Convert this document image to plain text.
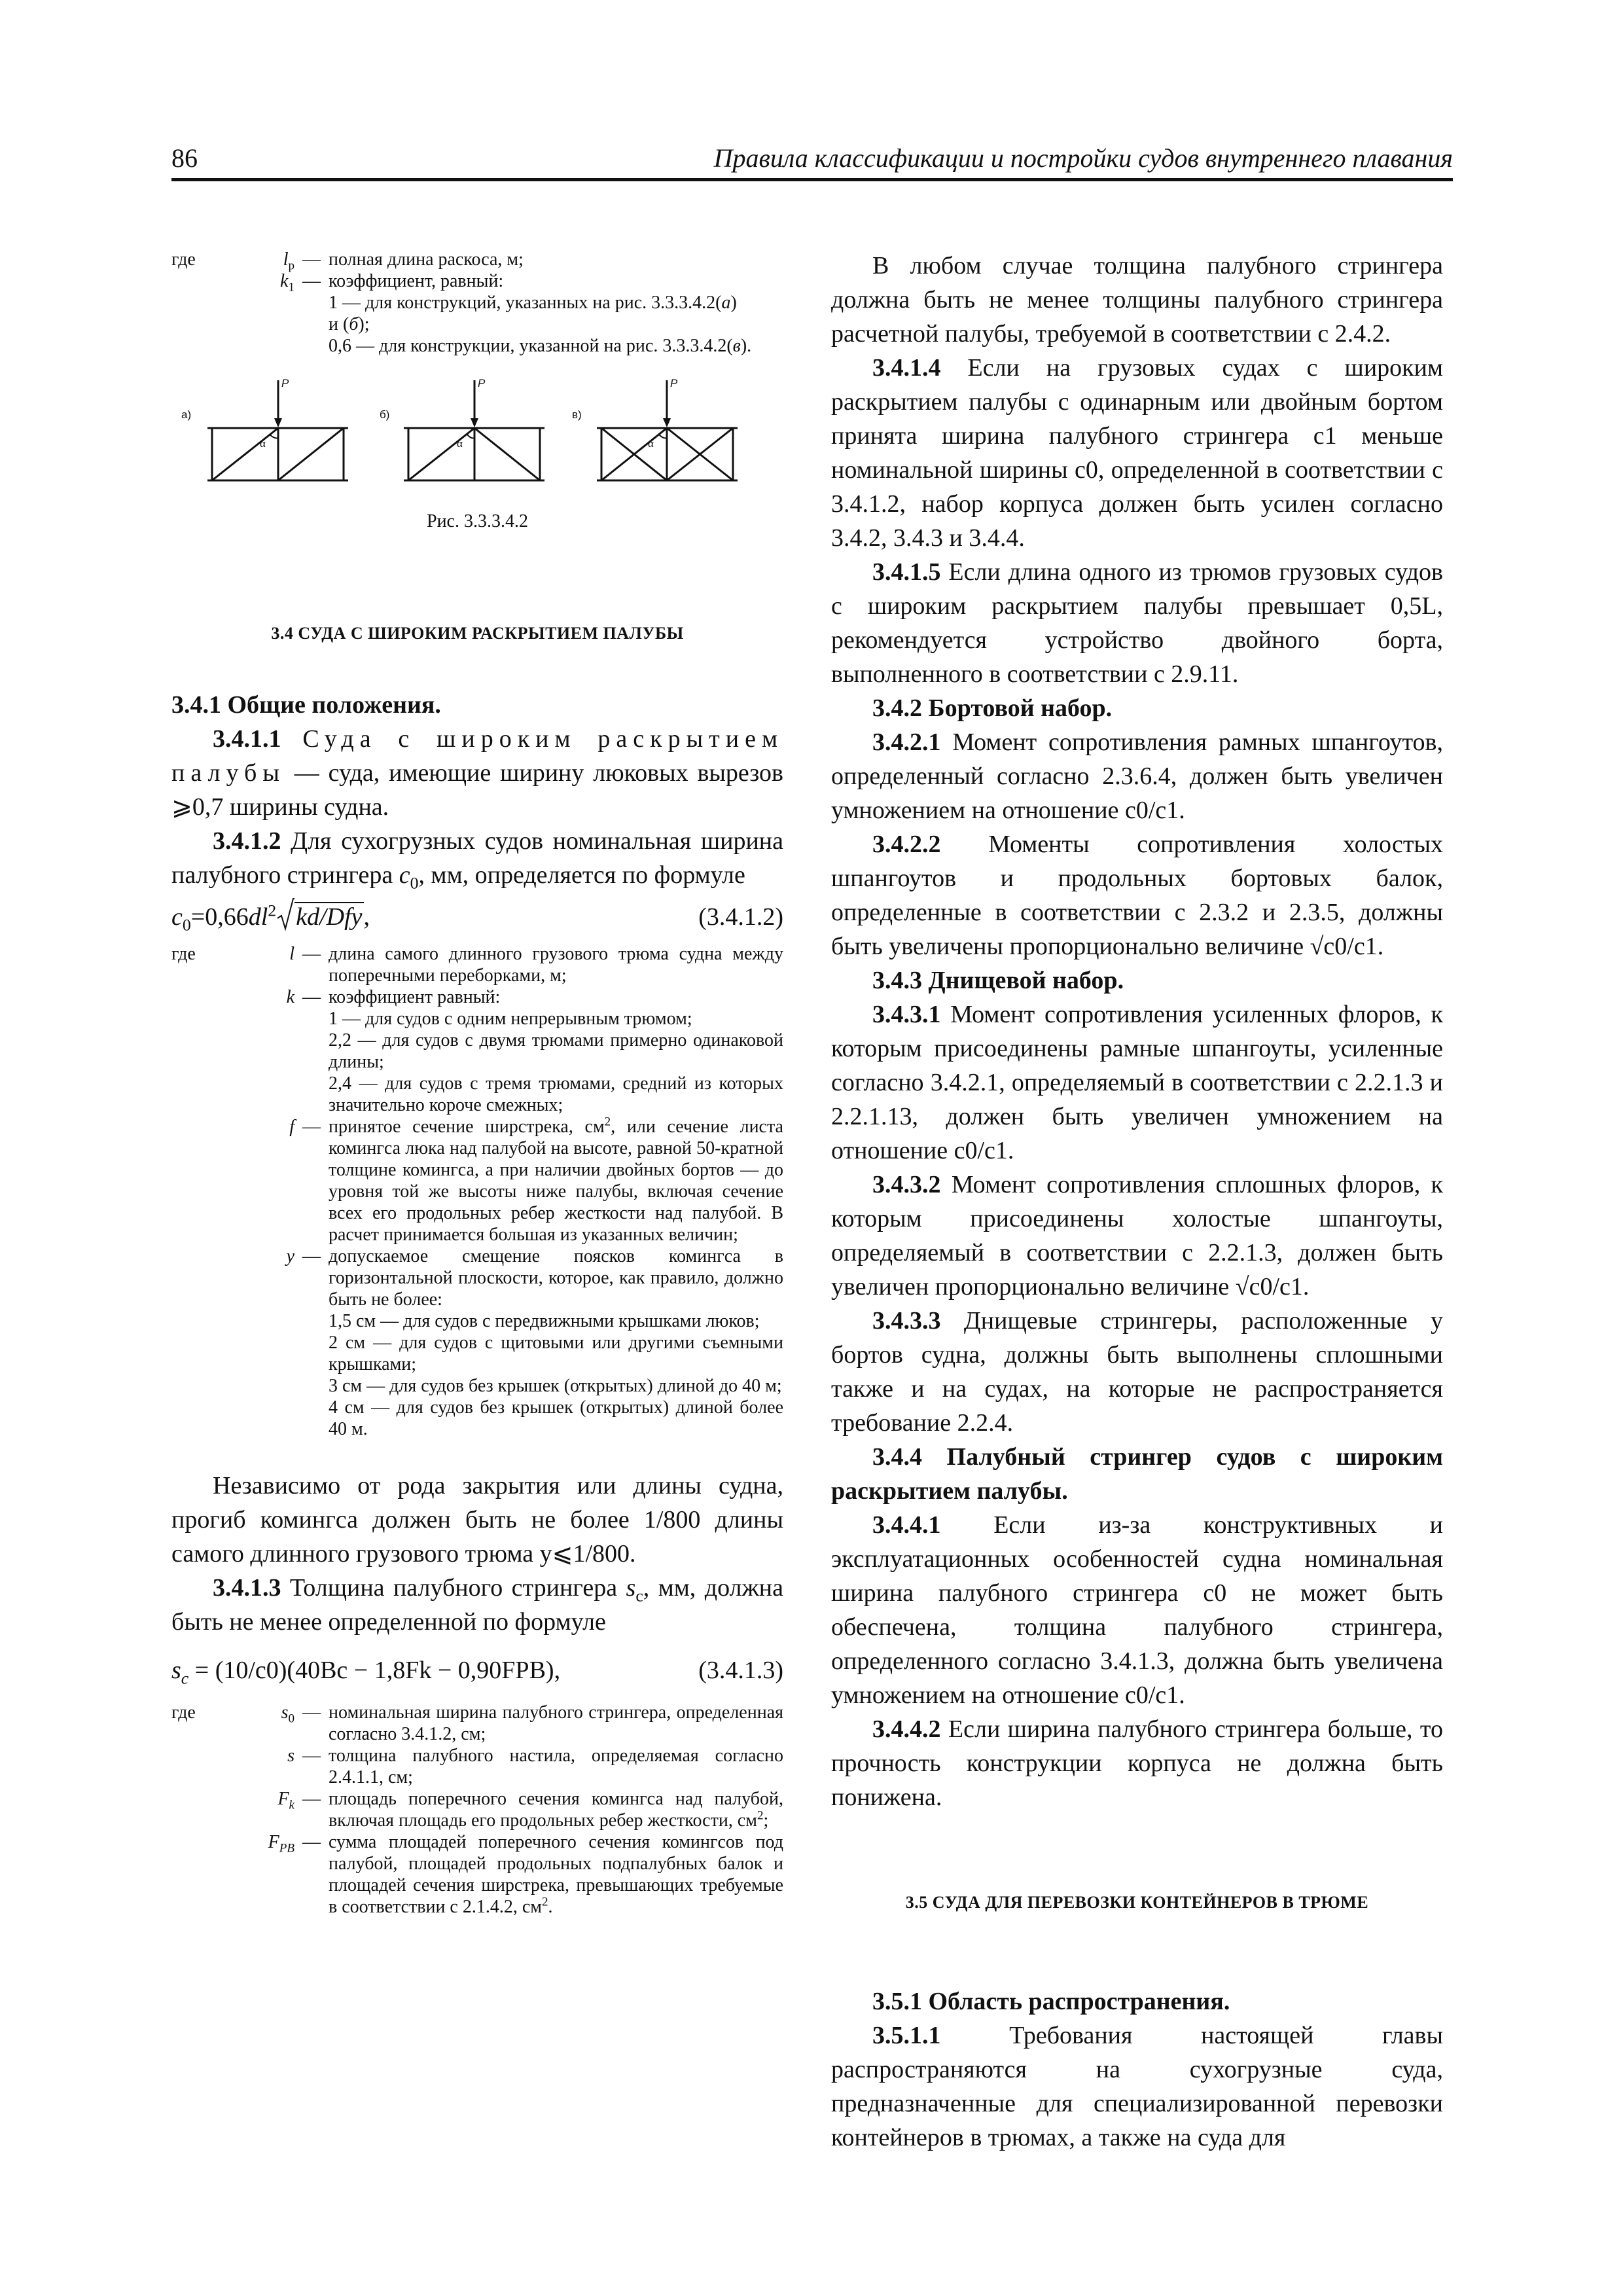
86	Правила классификации и постройки судов внутреннего плавания
где	$l_р$ — полная длина раскоса, м;
$k_1$ — коэффициент, равный:
1 — для конструкций, указанных на рис. 3.3.3.4.2(а)
и (б);
0,6 — для конструкции, указанной на рис. 3.3.3.4.2(в).
а)	б)	в)
P	P	P
α	α	α

Рис. 3.3.3.4.2

3.4 СУДА С ШИРОКИМ РАСКРЫТИЕМ ПАЛУБЫ

3.4.1 Общие положения.

3.4.1.1 Суда с широким раскрытием палубы — суда, имеющие ширину люковых вырезов ⩾0,7 ширины судна.

3.4.1.2 Для сухогрузных судов номинальная ширина палубного стрингера $c_0$, мм, определяется по формуле

$c_0=0,66dl^2$ kd/Dfy,	(3.4.1.2)
где	l — длина самого длинного грузового трюма судна между поперечными переборками, м;
k — коэффициент равный:
1 — для судов с одним непрерывным трюмом;
2,2 — для судов с двумя трюмами примерно одинаковой длины;
2,4 — для судов с тремя трюмами, средний из которых значительно короче смежных;
f — принятое сечение ширстрека, $см^2$, или сечение листа комингса люка над палубой на высоте, равной 50-кратной толщине комингса, а при наличии двойных бортов — до уровня той же высоты ниже палубы, включая сечение всех его продольных ребер жесткости над палубой. В расчет принимается большая из указанных величин;
y — допускаемое смещение поясков комингса в горизонтальной плоскости, которое, как правило, должно быть не более:
1,5 см — для судов с передвижными крышками люков;
2 см — для судов с щитовыми или другими съемными крышками;
3 см — для судов без крышек (открытых) длиной до 40 м;
4 см — для судов без крышек (открытых) длиной более 40 м.

Независимо от рода закрытия или длины судна, прогиб комингса должен быть не более 1/800 длины самого длинного грузового трюма y⩽1/800.

3.4.1.3 Толщина палубного стрингера $s_c$, мм, должна быть не менее определенной по формуле

$s_c = (10/c0)(40Bc - 1,8Fk - 0,90FPB)$,	(3.4.1.3)
где	$s_0$ — номинальная ширина палубного стрингера, определенная согласно 3.4.1.2, см;
s — толщина палубного настила, определяемая согласно 2.4.1.1, см;
$F_k$ — площадь поперечного сечения комингса над палубой, включая площадь его продольных ребер жесткости, $см^2$;
$F_{PB}$ — сумма площадей поперечного сечения комингсов под палубой, площадей продольных подпалубных балок и площадей сечения ширстрека, превышающих требуемые в соответствии с 2.1.4.2, $см^2$.

В любом случае толщина палубного стрингера должна быть не менее толщины палубного стрингера расчетной палубы, требуемой в соответствии с 2.4.2.

3.4.1.4 Если на грузовых судах с широким раскрытием палубы с одинарным или двойным бортом принята ширина палубного стрингера c1 меньше номинальной ширины c0, определенной в соответствии с 3.4.1.2, набор корпуса должен быть усилен согласно 3.4.2, 3.4.3 и 3.4.4.

3.4.1.5 Если длина одного из трюмов грузовых судов с широким раскрытием палубы превышает 0,5L, рекомендуется устройство двойного борта, выполненного в соответствии с 2.9.11.

3.4.2 Бортовой набор.

3.4.2.1 Момент сопротивления рамных шпангоутов, определенный согласно 2.3.6.4, должен быть увеличен умножением на отношение c0/c1.

3.4.2.2 Моменты сопротивления холостых шпангоутов и продольных бортовых балок, определенные в соответствии с 2.3.2 и 2.3.5, должны быть увеличены пропорционально величине √c0/c1.

3.4.3 Днищевой набор.

3.4.3.1 Момент сопротивления усиленных флоров, к которым присоединены рамные шпангоуты, усиленные согласно 3.4.2.1, определяемый в соответствии с 2.2.1.3 и 2.2.1.13, должен быть увеличен умножением на отношение c0/c1.

3.4.3.2 Момент сопротивления сплошных флоров, к которым присоединены холостые шпангоуты, определяемый в соответствии с 2.2.1.3, должен быть увеличен пропорционально величине √c0/c1.

3.4.3.3 Днищевые стрингеры, расположенные у бортов судна, должны быть выполнены сплошными также и на судах, на которые не распространяется требование 2.2.4.

3.4.4 Палубный стрингер судов с широким раскрытием палубы.

3.4.4.1 Если из-за конструктивных и эксплуатационных особенностей судна номинальная ширина палубного стрингера c0 не может быть обеспечена, толщина палубного стрингера, определенного согласно 3.4.1.3, должна быть увеличена умножением на отношение c0/c1.

3.4.4.2 Если ширина палубного стрингера больше, то прочность конструкции корпуса не должна быть понижена.

3.5 СУДА ДЛЯ ПЕРЕВОЗКИ КОНТЕЙНЕРОВ В ТРЮМЕ

3.5.1 Область распространения.

3.5.1.1 Требования настоящей главы распространяются на сухогрузные суда, предназначенные для специализированной перевозки контейнеров в трюмах, а также на суда для
